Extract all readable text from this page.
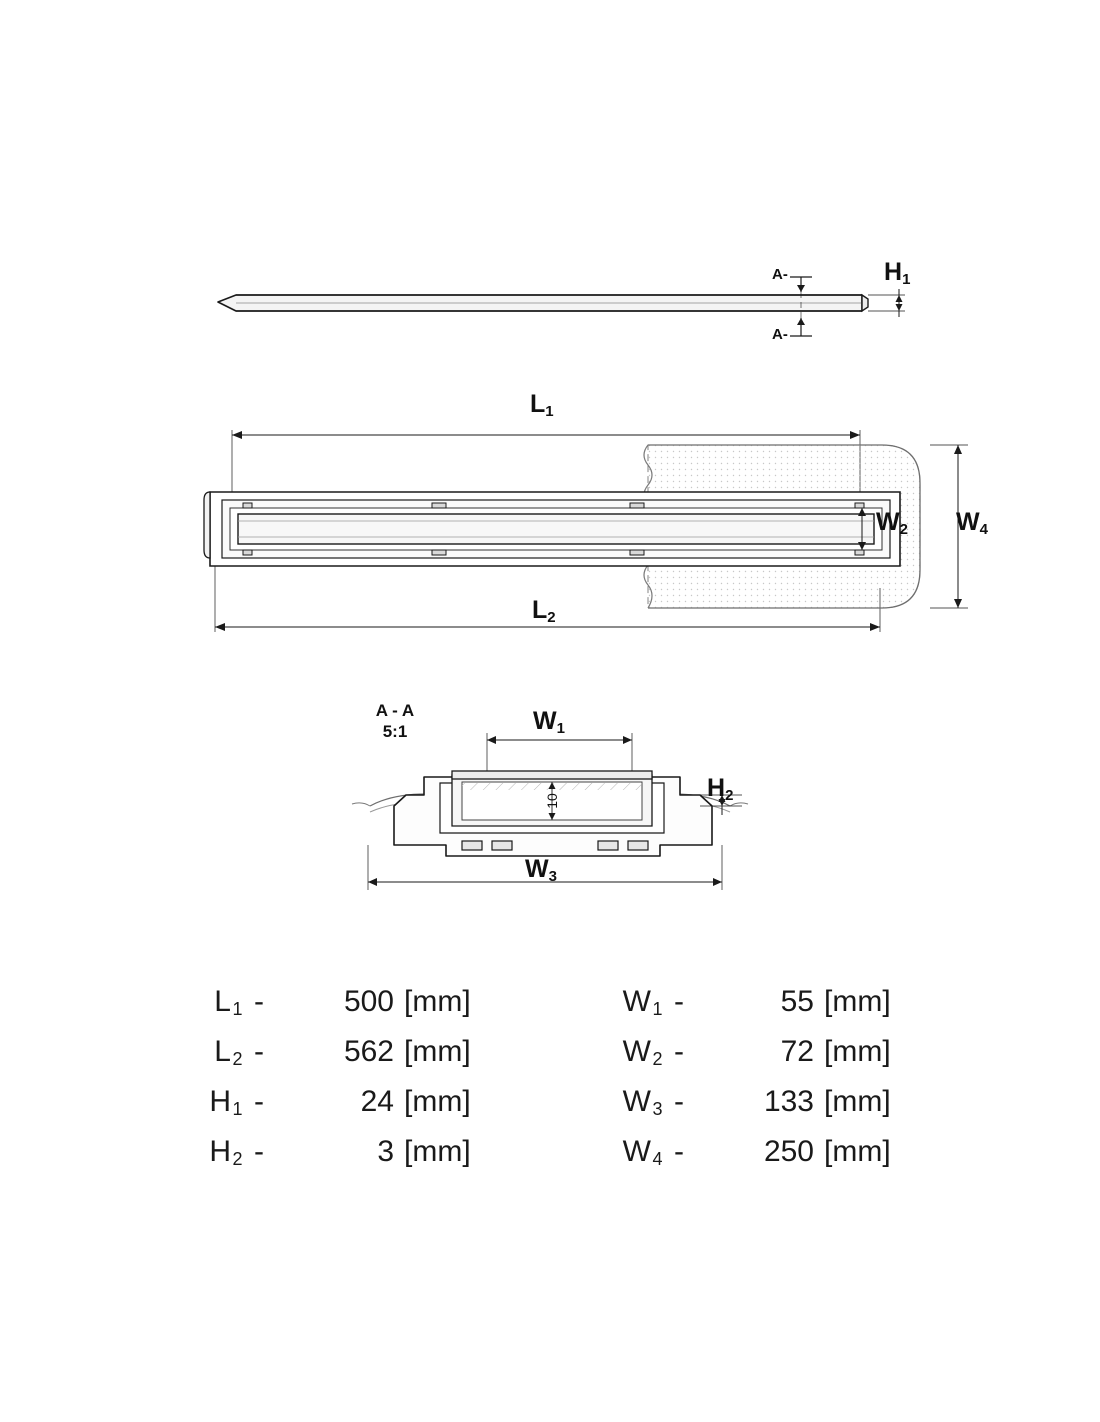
A-
A-
$H_1$
$L_1$
$L_2$
$W_2$ $W_4$
A - A
5:1	$W_1$
$H_2$
$W_3$
10
$L_1$ -	500 [mm]
$L_2$ -	562 [mm]
$H_1$ -	24 [mm]
$H_2$ -	3 [mm]
$W_1$ -	55 [mm]
$W_2$ -	72 [mm]
$W_3$ -	133 [mm]
$W_4$ -	250 [mm]
